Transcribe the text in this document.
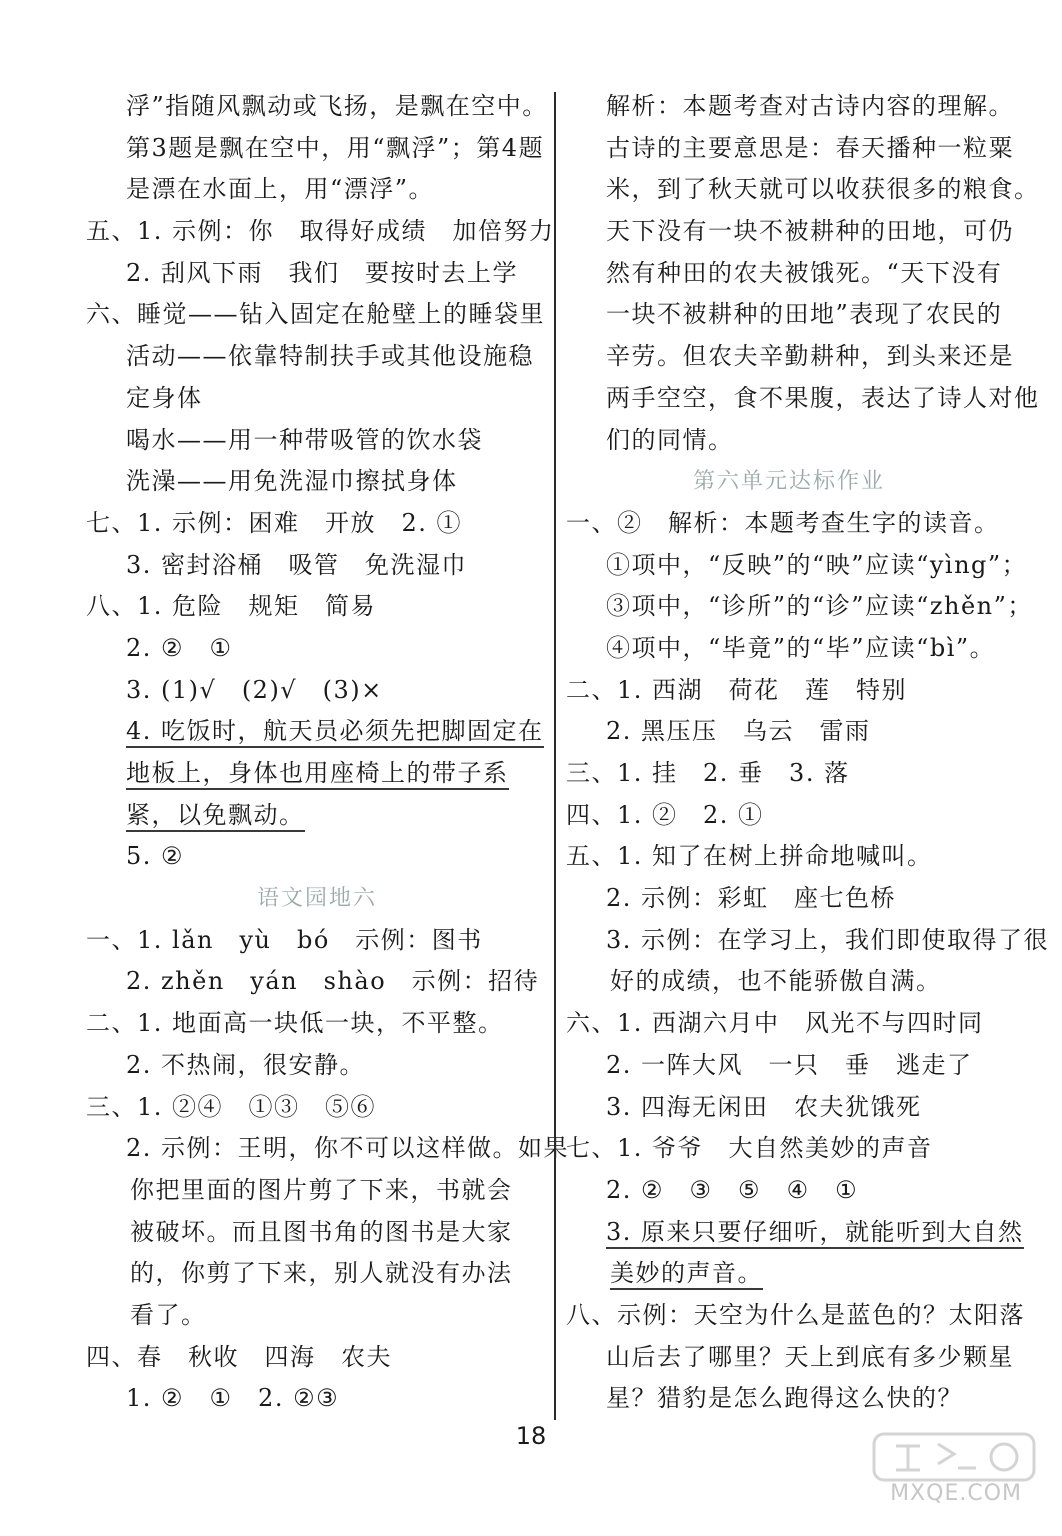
浮”指随风飘动或飞扬，是飘在空中。
第3题是飘在空中，用“飘浮”；第4题
是漂在水面上，用“漂浮”。
五、1. 示例：你　取得好成绩　加倍努力
2. 刮风下雨　我们　要按时去上学
六、睡觉——钻入固定在舱壁上的睡袋里
活动——依靠特制扶手或其他设施稳
定身体
喝水——用一种带吸管的饮水袋
洗澡——用免洗湿巾擦拭身体
七、1. 示例：困难　开放　2. ①
3. 密封浴桶　吸管　免洗湿巾
八、1. 危险　规矩　简易
2. ②　①
3. (1)√　(2)√　(3)×
4. 吃饭时，航天员必须先把脚固定在
地板上，身体也用座椅上的带子系
紧，以免飘动。
5. ②
语文园地六
一、1. lǎn　yù　bó　示例：图书
2. zhěn　yán　shào　示例：招待
二、1. 地面高一块低一块，不平整。
2. 不热闹，很安静。
三、1. ②④　①③　⑤⑥
2. 示例：王明，你不可以这样做。如果
你把里面的图片剪了下来，书就会
被破坏。而且图书角的图书是大家
的，你剪了下来，别人就没有办法
看了。
四、春　秋收　四海　农夫
1. ②　①　2. ②③
解析：本题考查对古诗内容的理解。
古诗的主要意思是：春天播种一粒粟
米，到了秋天就可以收获很多的粮食。
天下没有一块不被耕种的田地，可仍
然有种田的农夫被饿死。“天下没有
一块不被耕种的田地”表现了农民的
辛劳。但农夫辛勤耕种，到头来还是
两手空空，食不果腹，表达了诗人对他
们的同情。
第六单元达标作业
一、②　解析：本题考查生字的读音。
①项中，“反映”的“映”应读“yìng”；
③项中，“诊所”的“诊”应读“zhěn”；
④项中，“毕竟”的“毕”应读“bì”。
二、1. 西湖　荷花　莲　特别
2. 黑压压　乌云　雷雨
三、1. 挂　2. 垂　3. 落
四、1. ②　2. ①
五、1. 知了在树上拼命地喊叫。
2. 示例：彩虹　座七色桥
3. 示例：在学习上，我们即使取得了很
好的成绩，也不能骄傲自满。
六、1. 西湖六月中　风光不与四时同
2. 一阵大风　一只　垂　逃走了
3. 四海无闲田　农夫犹饿死
七、1. 爷爷　大自然美妙的声音
2. ②　③　⑤　④　①
3. 原来只要仔细听，就能听到大自然
美妙的声音。
八、示例：天空为什么是蓝色的？太阳落
山后去了哪里？天上到底有多少颗星
星？猎豹是怎么跑得这么快的？
18
MXQE.COM
